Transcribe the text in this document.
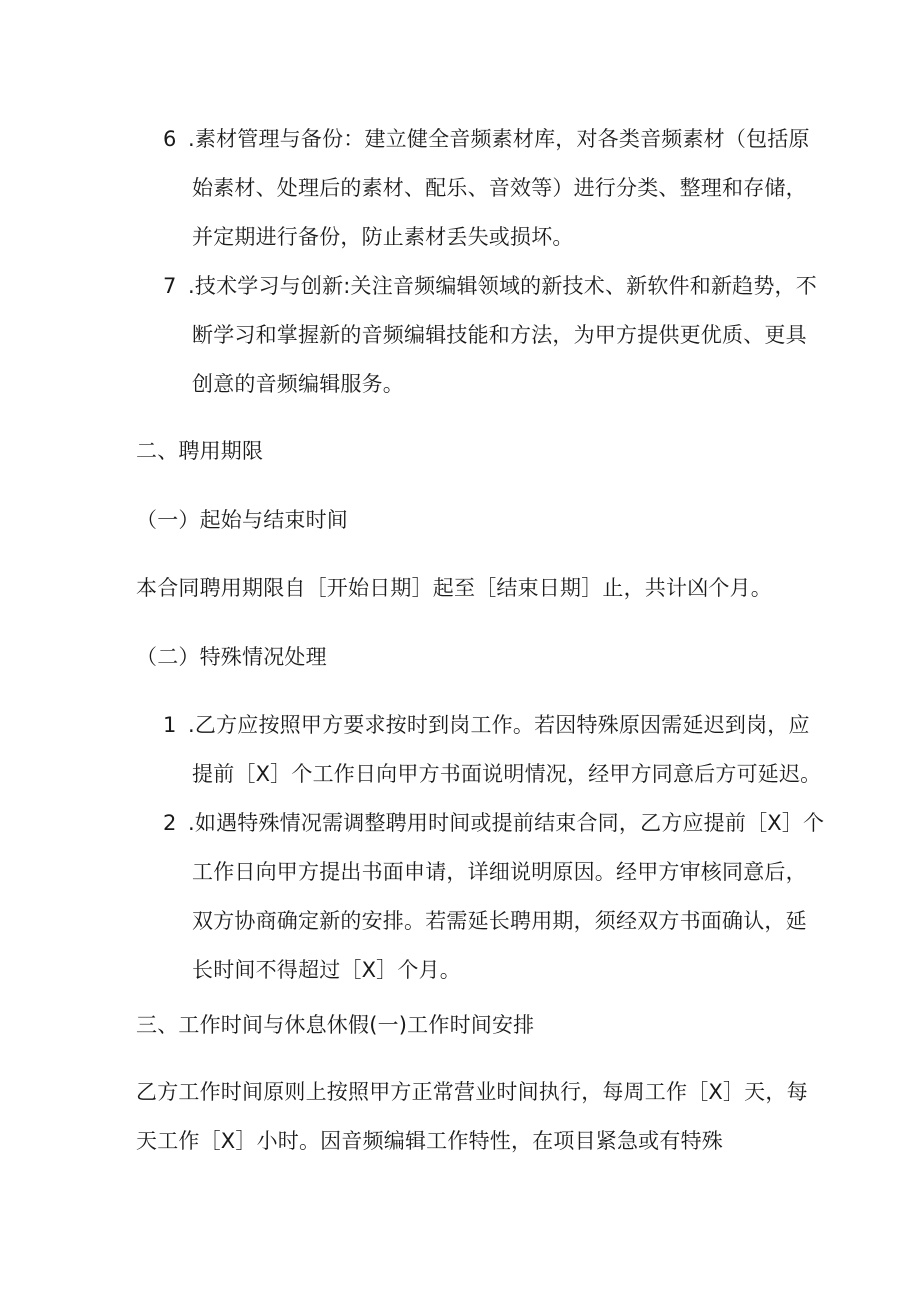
6 .素材管理与备份：建立健全音频素材库，对各类音频素材（包括原
始素材、处理后的素材、配乐、音效等）进行分类、整理和存储，
并定期进行备份，防止素材丢失或损坏。
7 .技术学习与创新:关注音频编辑领域的新技术、新软件和新趋势，不
断学习和掌握新的音频编辑技能和方法，为甲方提供更优质、更具
创意的音频编辑服务。
二、聘用期限
（一）起始与结束时间
本合同聘用期限自［开始日期］起至［结束日期］止，共计凶个月。
（二）特殊情况处理
1 .乙方应按照甲方要求按时到岗工作。若因特殊原因需延迟到岗，应
提前［X］个工作日向甲方书面说明情况，经甲方同意后方可延迟。
2 .如遇特殊情况需调整聘用时间或提前结束合同，乙方应提前［X］个
工作日向甲方提出书面申请，详细说明原因。经甲方审核同意后，
双方协商确定新的安排。若需延长聘用期，须经双方书面确认，延
长时间不得超过［X］个月。
三、工作时间与休息休假(一)工作时间安排
乙方工作时间原则上按照甲方正常营业时间执行，每周工作［X］天，每
天工作［X］小时。因音频编辑工作特性，在项目紧急或有特殊
